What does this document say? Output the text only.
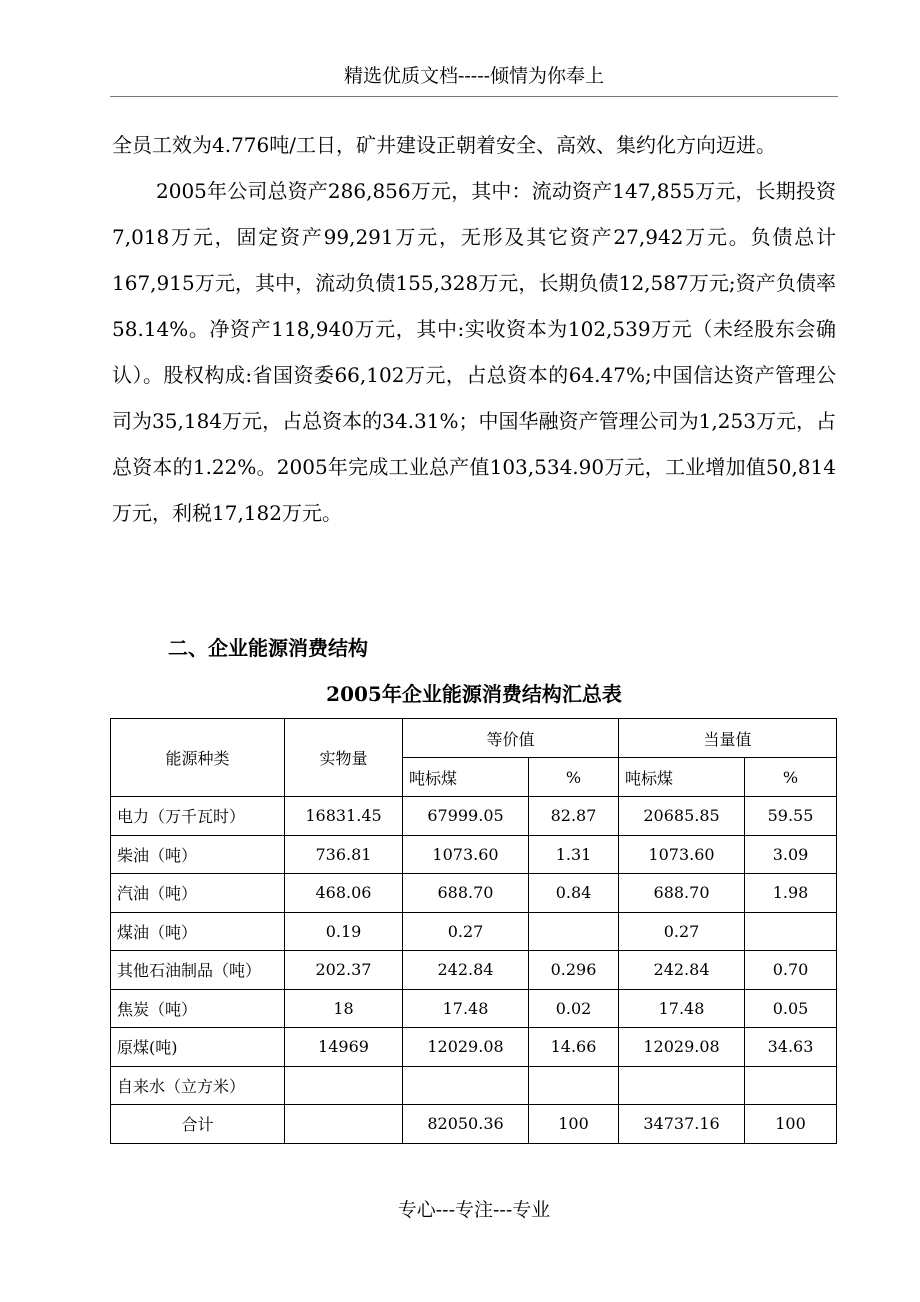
精选优质文档-----倾情为你奉上

全员工效为4.776吨/工日，矿井建设正朝着安全、高效、集约化方向迈进。

2005年公司总资产286,856万元，其中：流动资产147,855万元，长期投资7,018万元，固定资产99,291万元，无形及其它资产27,942万元。负债总计167,915万元，其中，流动负债155,328万元，长期负债12,587万元;资产负债率58.14%。净资产118,940万元，其中:实收资本为102,539万元（未经股东会确认）。股权构成:省国资委66,102万元，占总资本的64.47%;中国信达资产管理公司为35,184万元，占总资本的34.31%；中国华融资产管理公司为1,253万元，占总资本的1.22%。2005年完成工业总产值103,534.90万元，工业增加值50,814万元，利税17,182万元。

二、企业能源消费结构
2005年企业能源消费结构汇总表
能源种类	实物量	等价值		当量值	
		吨标煤	%	吨标煤	%
电力（万千瓦时）	16831.45	67999.05	82.87	20685.85	59.55
柴油（吨）	736.81	1073.60	1.31	1073.60	3.09
汽油（吨）	468.06	688.70	0.84	688.70	1.98
煤油（吨）	0.19	0.27		0.27	
其他石油制品（吨）	202.37	242.84	0.296	242.84	0.70
焦炭（吨）	18	17.48	0.02	17.48	0.05
原煤(吨)	14969	12029.08	14.66	12029.08	34.63
自来水（立方米）					
合计		82050.36	100	34737.16	100
专心---专注---专业
